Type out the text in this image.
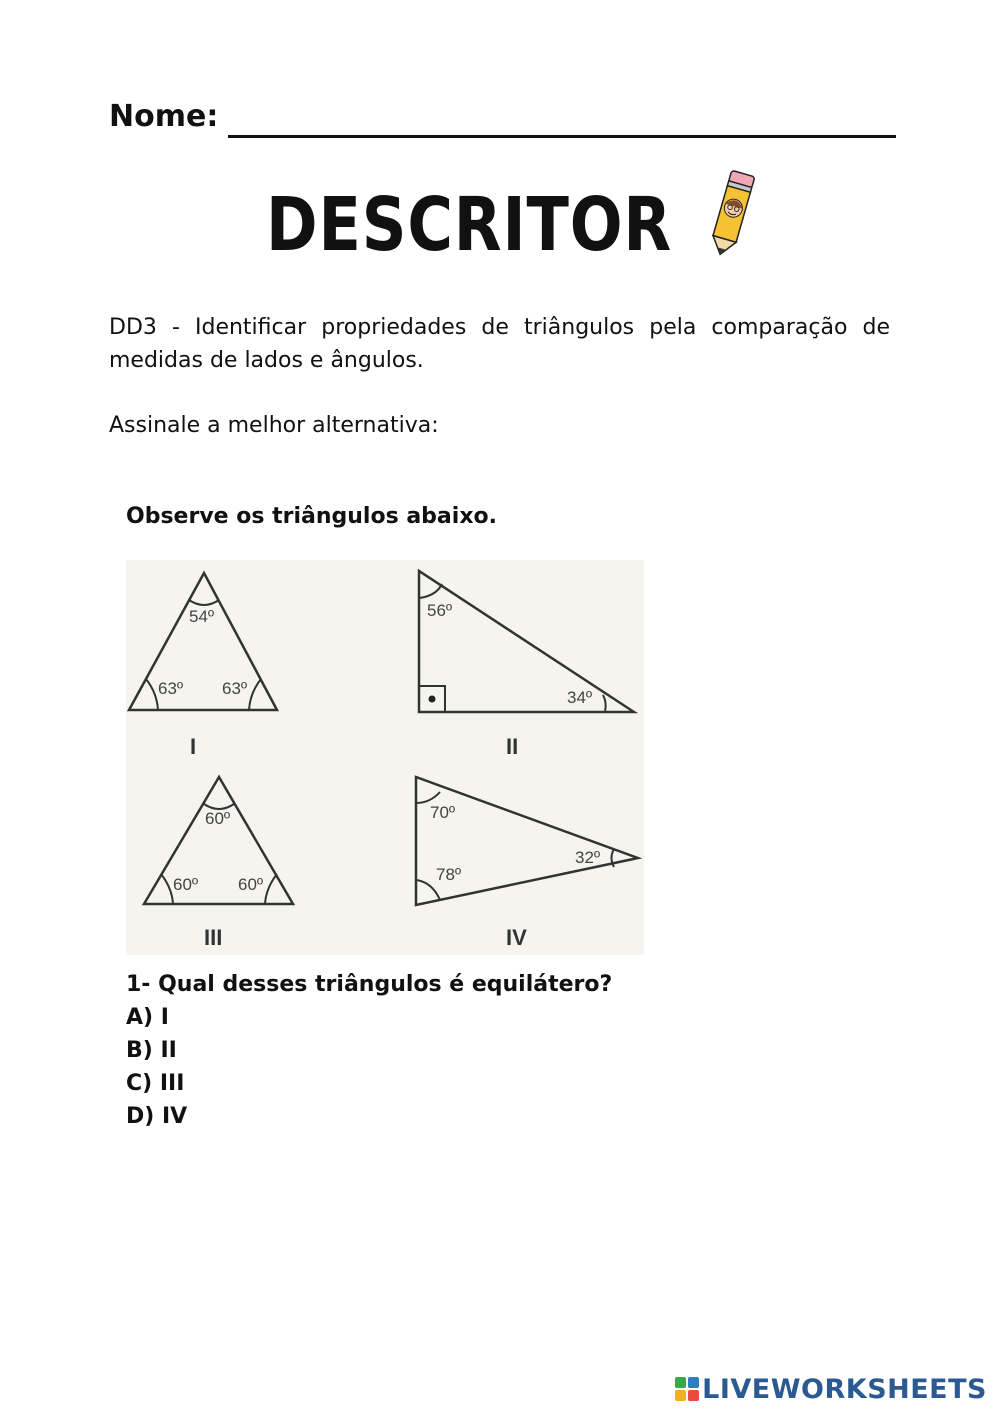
Nome:
DESCRITOR
DD3 - Identificar propriedades de triângulos pela comparação de medidas de lados e ângulos.
Assinale a melhor alternativa:
Observe os triângulos abaixo.
54º
63º 63º
I
56º
34º
II
60º
60º 60º
III
70º
78º
32º
IV
1- Qual desses triângulos é equilátero?
A) I
B) II
C) III
D) IV
LIVEWORKSHEETS
